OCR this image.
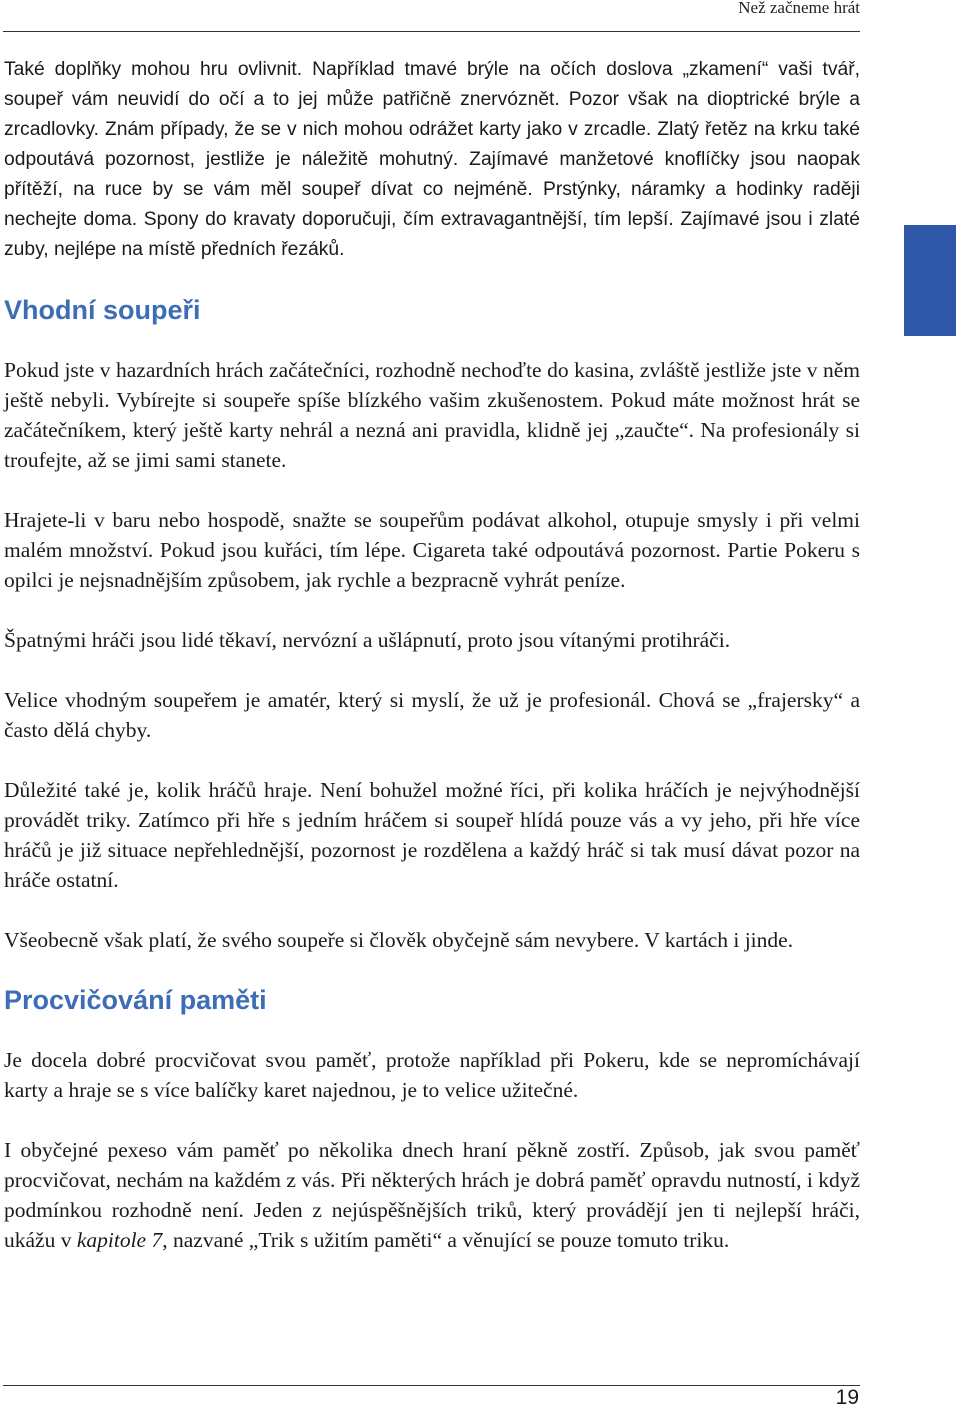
Než začneme hrát

Také doplňky mohou hru ovlivnit. Například tmavé brýle na očích doslova „zkamení“ vaši tvář, soupeř vám neuvidí do očí a to jej může patřičně znervóznět. Pozor však na dioptrické brýle a zrcadlovky. Znám případy, že se v nich mohou odrážet karty jako v zrcadle. Zlatý řetěz na krku také odpoutává pozornost, jestliže je náležitě mohutný. Zajímavé manžetové knoflíčky jsou naopak přítěží, na ruce by se vám měl soupeř dívat co nejméně. Prstýnky, náramky a hodinky raději nechejte doma. Spony do kravaty doporučuji, čím extravagantnější, tím lepší. Zajímavé jsou i zlaté zuby, nejlépe na místě předních řezáků.

Vhodní soupeři

Pokud jste v hazardních hrách začátečníci, rozhodně nechoďte do kasina, zvláště jestliže jste v něm ještě nebyli. Vybírejte si soupeře spíše blízkého vašim zkušenostem. Pokud máte možnost hrát se začátečníkem, který ještě karty nehrál a nezná ani pravidla, klidně jej „zaučte“. Na profesionály si troufejte, až se jimi sami stanete.

Hrajete-li v baru nebo hospodě, snažte se soupeřům podávat alkohol, otupuje smysly i při velmi malém množství. Pokud jsou kuřáci, tím lépe. Cigareta také odpoutává pozornost. Partie Pokeru s opilci je nejsnadnějším způsobem, jak rychle a bezpracně vyhrát peníze.

Špatnými hráči jsou lidé těkaví, nervózní a ušlápnutí, proto jsou vítanými protihráči.

Velice vhodným soupeřem je amatér, který si myslí, že už je profesionál. Chová se „frajersky“ a často dělá chyby.

Důležité také je, kolik hráčů hraje. Není bohužel možné říci, při kolika hráčích je nejvýhodnější provádět triky. Zatímco při hře s jedním hráčem si soupeř hlídá pouze vás a vy jeho, při hře více hráčů je již situace nepřehlednější, pozornost je rozdělena a každý hráč si tak musí dávat pozor na hráče ostatní.

Všeobecně však platí, že svého soupeře si člověk obyčejně sám nevybere. V kartách i jinde.

Procvičování paměti

Je docela dobré procvičovat svou paměť, protože například při Pokeru, kde se nepromíchávají karty a hraje se s více balíčky karet najednou, je to velice užitečné.

I obyčejné pexeso vám paměť po několika dnech hraní pěkně zostří. Způsob, jak svou paměť procvičovat, nechám na každém z vás. Při některých hrách je dobrá paměť opravdu nutností, i když podmínkou rozhodně není. Jeden z nejúspěšnějších triků, který provádějí jen ti nejlepší hráči, ukážu v kapitole 7, nazvané „Trik s užitím paměti“ a věnující se pouze tomuto triku.

19
